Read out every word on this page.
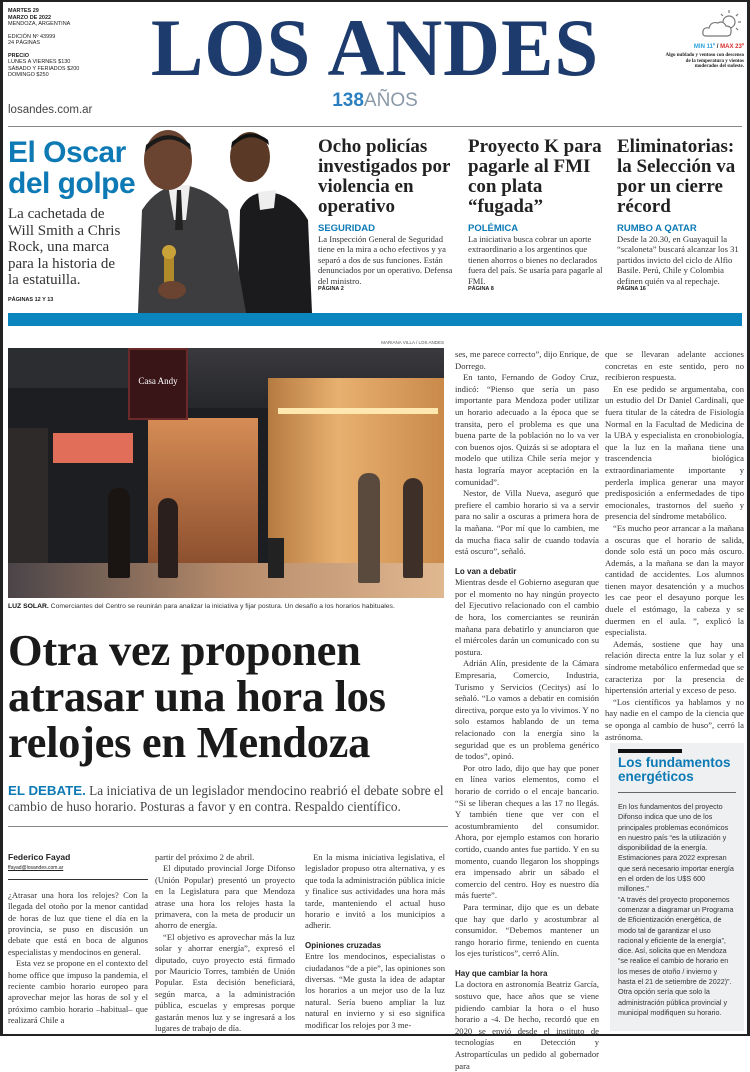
MARTES 29
MARZO DE 2022
MENDOZA, ARGENTINA
EDICIÓN Nº 43999
24 PÁGINAS
PRECIO
LUNES A VIERNES $130
SÁBADO Y FERIADOS $200
DOMINGO $250
losandes.com.ar
LOS ANDES
138AÑOS
MIN 11º / MAX 23º
Algo nublado y ventoso con descenso de la temperatura y vientos moderados del sudeste.
El Oscar del golpe
La cachetada de Will Smith a Chris Rock, una marca para la historia de la estatuilla.
PÁGINAS 12 Y 13
Ocho policías investigados por violencia en operativo
SEGURIDAD

La Inspección General de Seguridad tiene en la mira a ocho efectivos y ya separó a dos de sus funciones. Están denunciados por un operativo. Defensa del ministro.

PÁGINA 2
Proyecto K para pagarle al FMI con plata “fugada”
POLÉMICA

La iniciativa busca cobrar un aporte extraordinario a los argentinos que tienen ahorros o bienes no declarados fuera del país. Se usaría para pagarle al FMI.

PÁGINA 8
Eliminatorias: la Selección va por un cierre récord
RUMBO A QATAR

Desde la 20.30, en Guayaquil la “scaloneta” buscará alcanzar los 31 partidos invicto del ciclo de Alfio Basile. Perú, Chile y Colombia definen quién va al repechaje.

PÁGINA 16
MARIANA VILLA / LOS ANDES
Casa Andy
LUZ SOLAR. Comerciantes del Centro se reunirán para analizar la iniciativa y fijar postura. Un desafío a los horarios habituales.
Otra vez proponen atrasar una hora los relojes en Mendoza
EL DEBATE. La iniciativa de un legislador mendocino reabrió el debate sobre el cambio de huso horario. Posturas a favor y en contra. Respaldo científico.
Federico Fayad
ffayad@losandes.com.ar

¿Atrasar una hora los relojes? Con la llegada del otoño por la menor cantidad de horas de luz que tiene el día en la provincia, se puso en discusión un debate que está en boca de algunos especialistas y mendocinos en general.

Esta vez se propone en el contexto del home office que impuso la pandemia, el reciente cambio horario europeo para aprovechar mejor las horas de sol y el próximo cambio horario –habitual– que realizará Chile a

partir del próximo 2 de abril.

El diputado provincial Jorge Difonso (Unión Popular) presentó un proyecto en la Legislatura para que Mendoza atrase una hora los relojes hasta la primavera, con la meta de producir un ahorro de energía.

“El objetivo es aprovechar más la luz solar y ahorrar energía”, expresó el diputado, cuyo proyecto está firmado por Mauricio Torres, también de Unión Popular. Esta decisión beneficiará, según marca, a la administración pública, escuelas y empresas porque gastarán menos luz y se ingresará a los lugares de trabajo de día.

En la misma iniciativa legislativa, el legislador propuso otra alternativa, y es que toda la administración pública inicie y finalice sus actividades una hora más tarde, manteniendo el actual huso horario e invitó a los municipios a adherir.

Opiniones cruzadas

Entre los mendocinos, especialistas o ciudadanos “de a pie”, las opiniones son diversas. “Me gusta la idea de adaptar los horarios a un mejor uso de la luz natural. Sería bueno ampliar la luz natural en invierno y si eso significa modificar los relojes por 3 me-

ses, me parece correcto”, dijo Enrique, de Dorrego.

En tanto, Fernando de Godoy Cruz, indicó: “Pienso que sería un paso importante para Mendoza poder utilizar un horario adecuado a la época que se transita, pero el problema es que una buena parte de la población no lo va ver con buenos ojos. Quizás si se adoptara el modelo que utiliza Chile sería mejor y hasta lograría mayor aceptación en la comunidad”.

Nestor, de Villa Nueva, aseguró que prefiere el cambio horario si va a servir para no salir a oscuras a primera hora de la mañana. “Por mí que lo cambien, me da mucha fiaca salir de cuando todavía está oscuro”, señaló.

Lo van a debatir

Mientras desde el Gobierno aseguran que por el momento no hay ningún proyecto del Ejecutivo relacionado con el cambio de hora, los comerciantes se reunirán mañana para debatirlo y anunciaron que el miércoles darán un comunicado con su postura.

Adrián Alín, presidente de la Cámara Empresaria, Comercio, Industria, Turismo y Servicios (Cecitys) así lo señaló. “Lo vamos a debatir en comisión directiva, porque esto ya lo vivimos. Y no solo estamos hablando de un tema relacionado con la energía sino la seguridad que es un problema genérico de todos”, opinó.

Por otro lado, dijo que hay que poner en línea varios elementos, como el horario de corrido o el encaje bancario. “Si se liberan cheques a las 17 no llegás. Y también tiene que ver con el acostumbramiento del consumidor. Ahora, por ejemplo estamos con horario cortido, cuando antes fue partido. Y en su momento, cuando llegaron los shoppings era impensado abrir un sábado el comercio del centro. Hoy es nuestro día más fuerte”.

Para terminar, dijo que es un debate que hay que darlo y acostumbrar al consumidor. “Debemos mantener un rango horario firme, teniendo en cuenta los ejes turísticos”, cerró Alín.

Hay que cambiar la hora

La doctora en astronomía Beatriz García, sostuvo que, hace años que se viene pidiendo cambiar la hora o el huso horario a -4. De hecho, recordó que en 2020 se envió desde el instituto de tecnologías en Detección y Astropartículas un pedido al gobernador para

que se llevaran adelante acciones concretas en este sentido, pero no recibieron respuesta.

En ese pedido se argumentaba, con un estudio del Dr Daniel Cardinali, que fuera titular de la cátedra de Fisiología Normal en la Facultad de Medicina de la UBA y especialista en cronobiología, que la luz en la mañana tiene una trascendencia biológica extraordinariamente importante y perderla implica generar una mayor predisposición a enfermedades de tipo emocionales, trastornos del sueño y presencia del síndrome metabólico.

“Es mucho peor arrancar a la mañana a oscuras que el horario de salida, donde solo está un poco más oscuro. Además, a la mañana se dan la mayor cantidad de accidentes. Los alumnos tienen mayor desatención y a muchos les cae peor el desayuno porque les duele el estómago, la cabeza y se duermen en el aula. ”, explicó la especialista.

Además, sostiene que hay una relación directa entre la luz solar y el síndrome metabólico enfermedad que se caracteriza por la presencia de hipertensión arterial y exceso de peso.

“Los científicos ya hablamos y no hay nadie en el campo de la ciencia que se oponga al cambio de huso”, cerró la astrónoma.

Los fundamentos energéticos

En los fundamentos del proyecto Difonso indica que uno de los principales problemas económicos en nuestro país “es la utilización y disponibilidad de la energía. Estimaciones para 2022 expresan que será necesario importar energía en el orden de los U$S 600 millones.”

“A través del proyecto proponemos comenzar a diagramar un Programa de Eficientización energética, de modo tal de garantizar el uso racional y eficiente de la energía”, dice. Así, solicita que en Mendoza “se realice el cambio de horario en los meses de otoño / invierno y hasta el 21 de setiembre de 2022)”.

Otra opción sería que solo la administración pública provincial y municipal modifiquen su horario.
